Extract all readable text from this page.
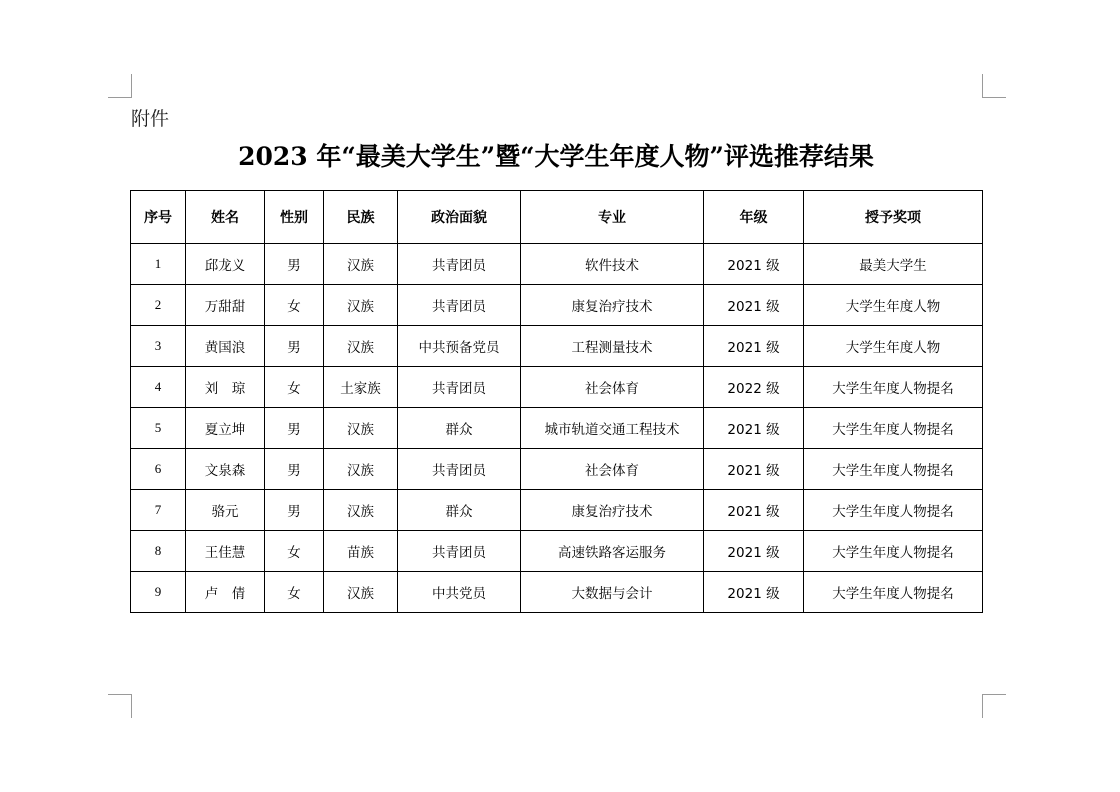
附件
2023 年“最美大学生”暨“大学生年度人物”评选推荐结果
序号	姓名	性别	民族	政治面貌	专业	年级	授予奖项
1	邱龙义	男	汉族	共青团员	软件技术	2021 级	最美大学生
2	万甜甜	女	汉族	共青团员	康复治疗技术	2021 级	大学生年度人物
3	黄国浪	男	汉族	中共预备党员	工程测量技术	2021 级	大学生年度人物
4	刘　琼	女	土家族	共青团员	社会体育	2022 级	大学生年度人物提名
5	夏立坤	男	汉族	群众	城市轨道交通工程技术	2021 级	大学生年度人物提名
6	文泉森	男	汉族	共青团员	社会体育	2021 级	大学生年度人物提名
7	骆元	男	汉族	群众	康复治疗技术	2021 级	大学生年度人物提名
8	王佳慧	女	苗族	共青团员	高速铁路客运服务	2021 级	大学生年度人物提名
9	卢　倩	女	汉族	中共党员	大数据与会计	2021 级	大学生年度人物提名
